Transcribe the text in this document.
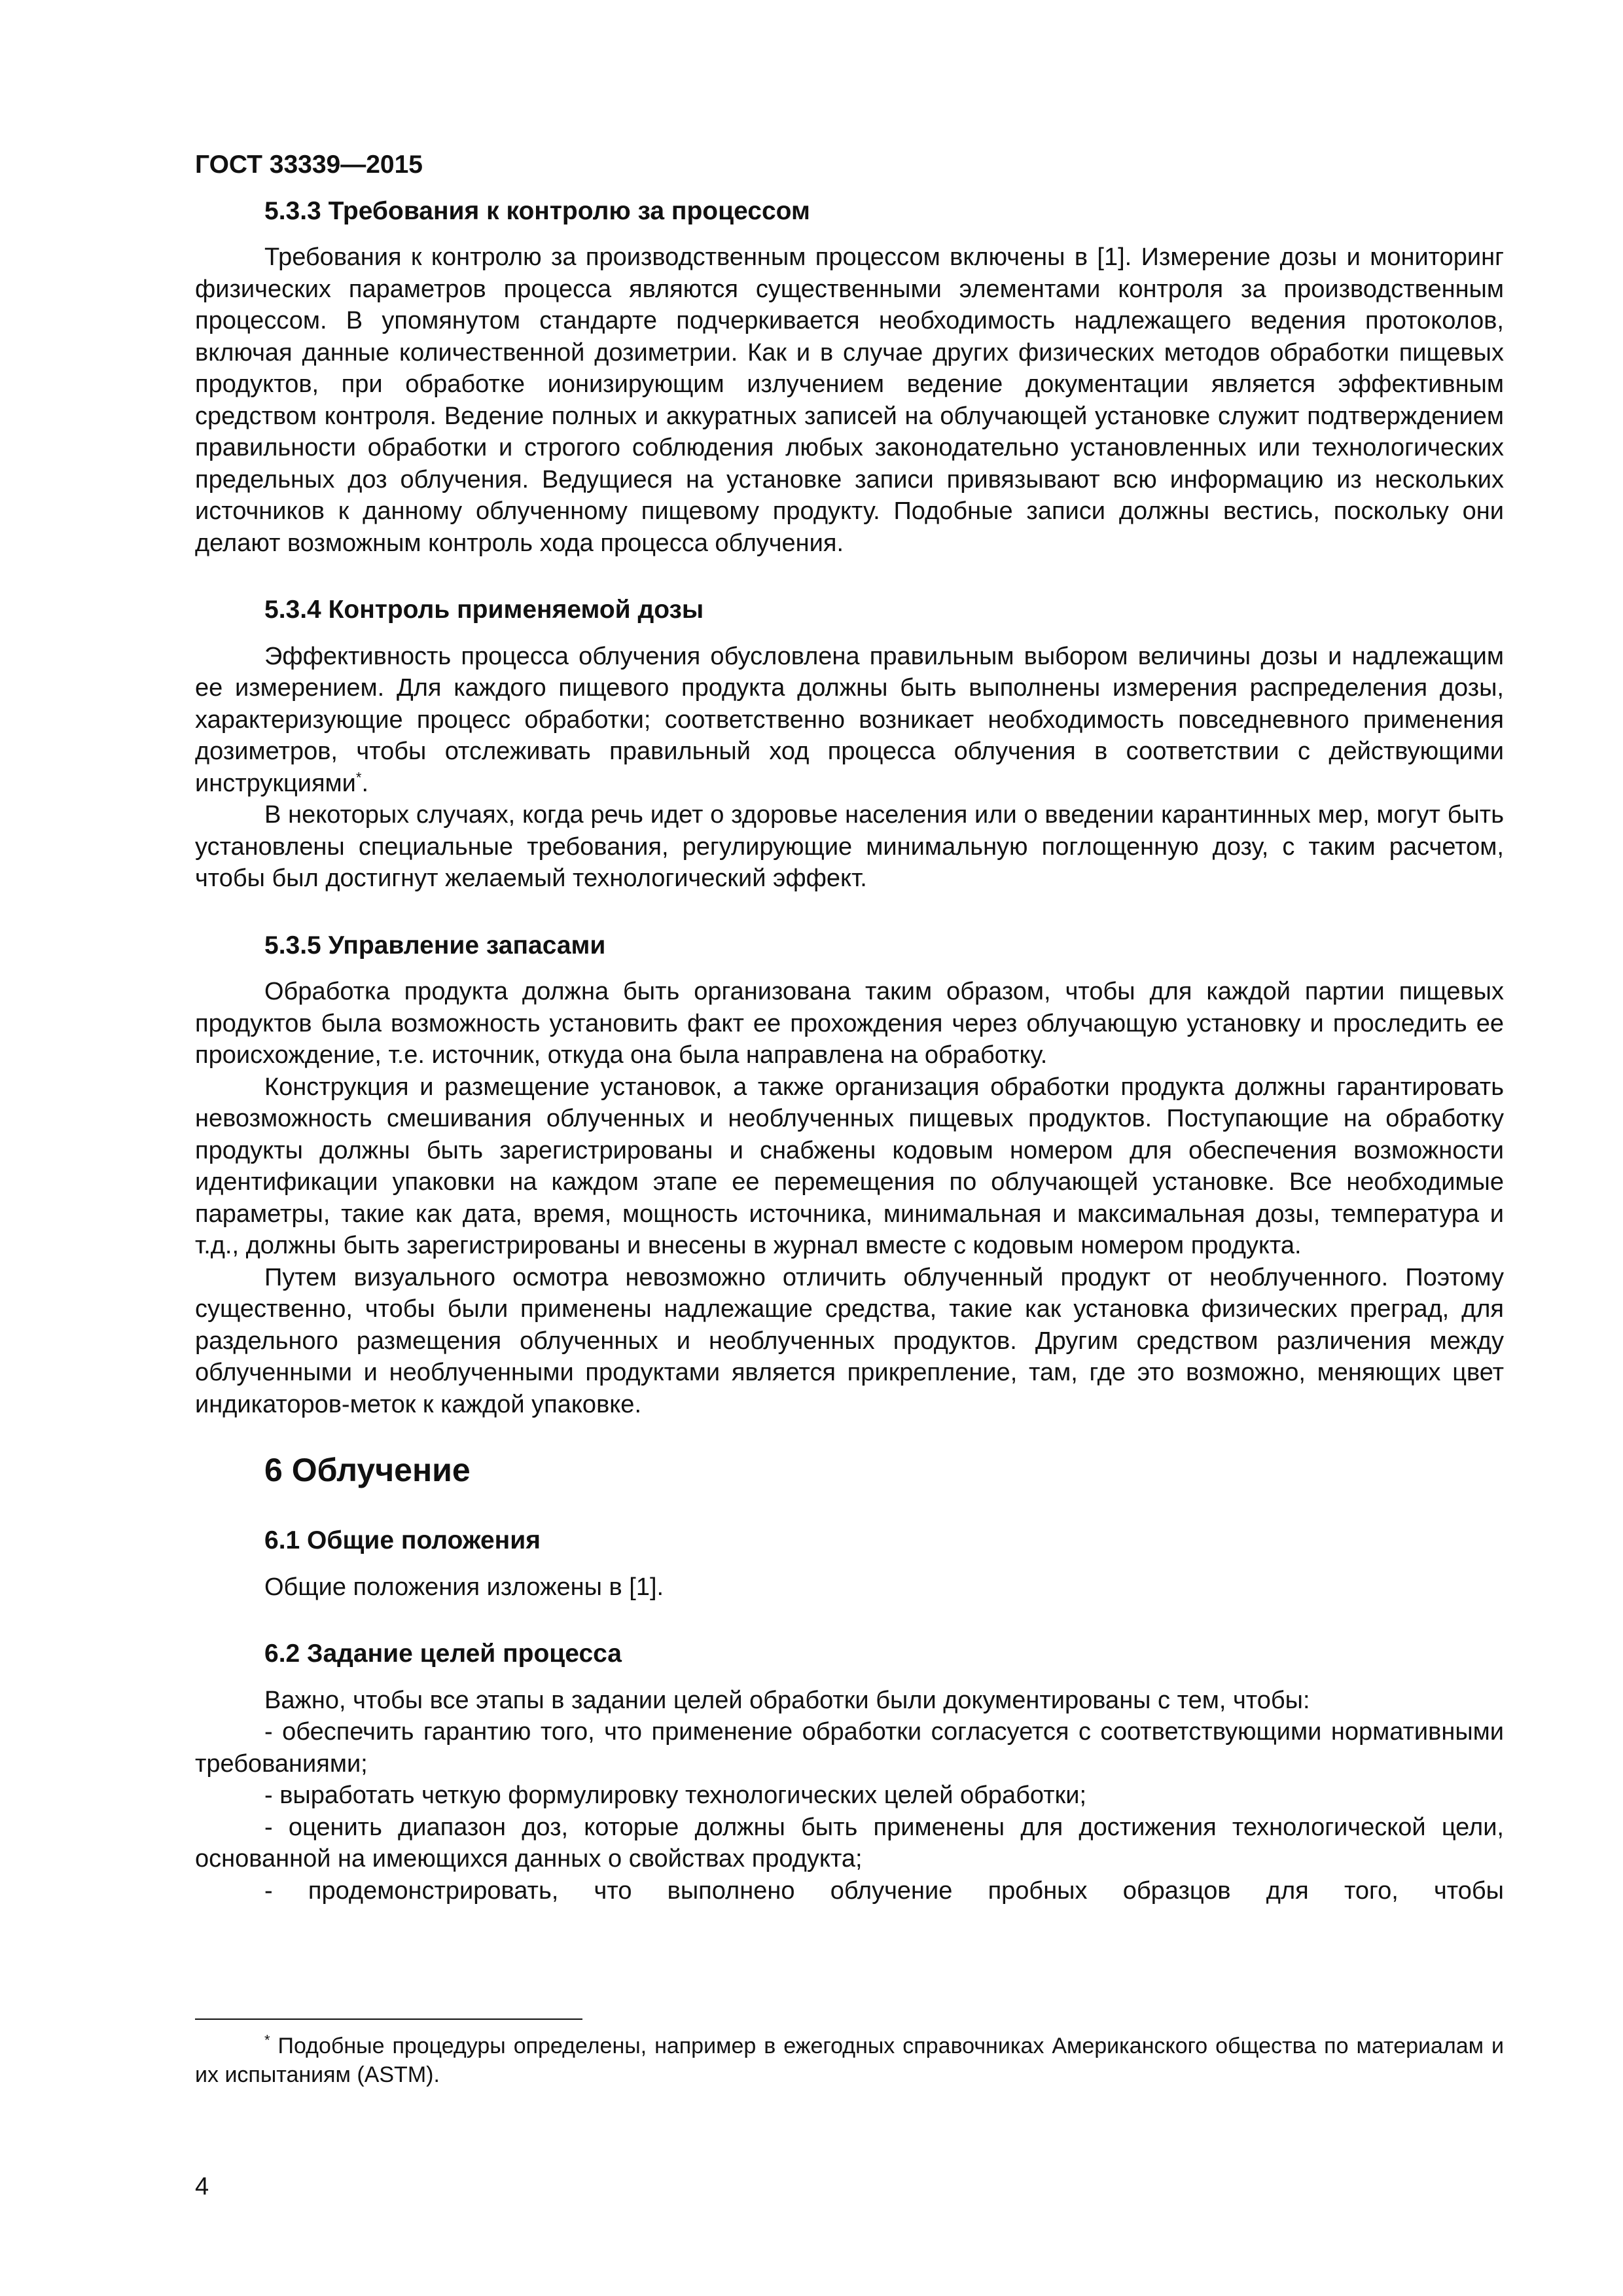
ГОСТ 33339—2015
5.3.3 Требования к контролю за процессом

Требования к контролю за производственным процессом включены в [1]. Измерение дозы и мониторинг физических параметров процесса являются существенными элементами контроля за производственным процессом. В упомянутом стандарте подчеркивается необходимость надлежащего ведения протоколов, включая данные количественной дозиметрии. Как и в случае других физических методов обработки пищевых продуктов, при обработке ионизирующим излучением ведение документации является эффективным средством контроля. Ведение полных и аккуратных записей на облучающей установке служит подтверждением правильности обработки и строгого соблюдения любых законодательно установленных или технологических предельных доз облучения. Ведущиеся на установке записи привязывают всю информацию из нескольких источников к данному облученному пищевому продукту. Подобные записи должны вестись, поскольку они делают возможным контроль хода процесса облучения.

5.3.4 Контроль применяемой дозы

Эффективность процесса облучения обусловлена правильным выбором величины дозы и надлежащим ее измерением. Для каждого пищевого продукта должны быть выполнены измерения распределения дозы, характеризующие процесс обработки; соответственно возникает необходимость повседневного применения дозиметров, чтобы отслеживать правильный ход процесса облучения в соответствии с действующими инструкциями*.

В некоторых случаях, когда речь идет о здоровье населения или о введении карантинных мер, могут быть установлены специальные требования, регулирующие минимальную поглощенную дозу, с таким расчетом, чтобы был достигнут желаемый технологический эффект.

5.3.5 Управление запасами

Обработка продукта должна быть организована таким образом, чтобы для каждой партии пищевых продуктов была возможность установить факт ее прохождения через облучающую установку и проследить ее происхождение, т.е. источник, откуда она была направлена на обработку.

Конструкция и размещение установок, а также организация обработки продукта должны гарантировать невозможность смешивания облученных и необлученных пищевых продуктов. Поступающие на обработку продукты должны быть зарегистрированы и снабжены кодовым номером для обеспечения возможности идентификации упаковки на каждом этапе ее перемещения по облучающей установке. Все необходимые параметры, такие как дата, время, мощность источника, минимальная и максимальная дозы, температура и т.д., должны быть зарегистрированы и внесены в журнал вместе с кодовым номером продукта.

Путем визуального осмотра невозможно отличить облученный продукт от необлученного. Поэтому существенно, чтобы были применены надлежащие средства, такие как установка физических преград, для раздельного размещения облученных и необлученных продуктов. Другим средством различения между облученными и необлученными продуктами является прикрепление, там, где это возможно, меняющих цвет индикаторов-меток к каждой упаковке.

6 Облучение
6.1 Общие положения

Общие положения изложены в [1].

6.2 Задание целей процесса

Важно, чтобы все этапы в задании целей обработки были документированы с тем, чтобы:

- обеспечить гарантию того, что применение обработки согласуется с соответствующими нормативными требованиями;

- выработать четкую формулировку технологических целей обработки;

- оценить диапазон доз, которые должны быть применены для достижения технологической цели, основанной на имеющихся данных о свойствах продукта;

- продемонстрировать, что выполнено облучение пробных образцов для того, чтобы

* Подобные процедуры определены, например в ежегодных справочниках Американского общества по материалам и их испытаниям (ASTM).

4
